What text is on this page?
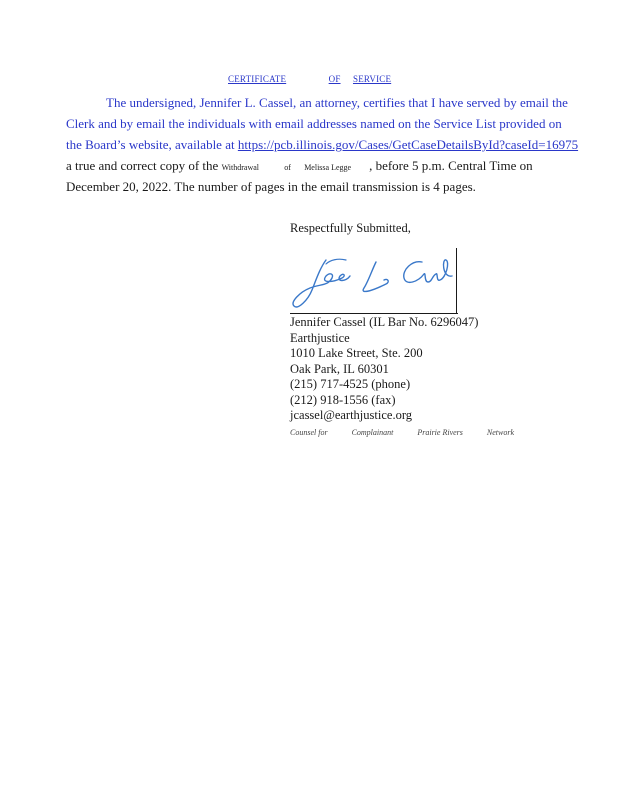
CERTIFICATE	OF SERVICE
The undersigned, Jennifer L. Cassel, an attorney, certifies that I have served by email the
Clerk and by email the individuals with email addresses named on the Service List provided on
the Board’s website, available at https://pcb.illinois.gov/Cases/GetCaseDetailsById?caseId=16975
a true and correct copy of the Withdrawal	of Melissa Legge , before 5 p.m. Central Time on
December 20, 2022. The number of pages in the email transmission is 4 pages.
Respectfully Submitted,
Jennifer Cassel (IL Bar No. 6296047)
Earthjustice
1010 Lake Street, Ste. 200
Oak Park, IL 60301
(215) 717-4525 (phone)
(212) 918-1556 (fax)
jcassel@earthjustice.org
Counsel for	Complainant	Prairie Rivers	Network
